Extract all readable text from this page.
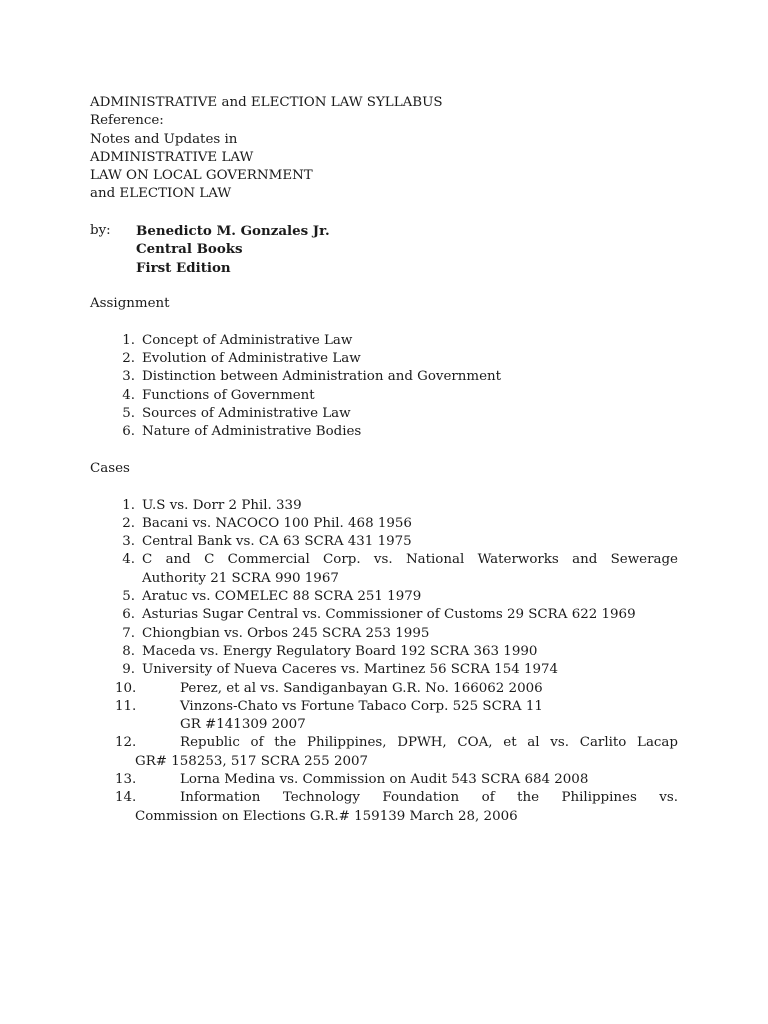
ADMINISTRATIVE and ELECTION LAW SYLLABUS
Reference:
Notes and Updates in
ADMINISTRATIVE LAW
LAW ON LOCAL GOVERNMENT
and ELECTION LAW
by:	Benedicto M. Gonzales Jr.
Central Books
First Edition
Assignment
1. Concept of Administrative Law
2. Evolution of Administrative Law
3. Distinction between Administration and Government
4. Functions of Government
5. Sources of Administrative Law
6. Nature of Administrative Bodies
Cases
1. U.S vs. Dorr 2 Phil. 339
2. Bacani vs. NACOCO 100 Phil. 468 1956
3. Central Bank vs. CA 63 SCRA 431 1975
4. C and C Commercial Corp. vs. National Waterworks and Sewerage
Authority 21 SCRA 990 1967
5. Aratuc vs. COMELEC 88 SCRA 251 1979
6. Asturias Sugar Central vs. Commissioner of Customs 29 SCRA 622 1969
7. Chiongbian vs. Orbos 245 SCRA 253 1995
8. Maceda vs. Energy Regulatory Board 192 SCRA 363 1990
9. University of Nueva Caceres vs. Martinez 56 SCRA 154 1974
10.	Perez, et al vs. Sandiganbayan G.R. No. 166062 2006
11.	Vinzons-Chato vs Fortune Tabaco Corp. 525 SCRA 11
GR #141309 2007
12.	Republic of the Philippines, DPWH, COA, et al vs. Carlito Lacap
GR# 158253, 517 SCRA 255 2007
13.	Lorna Medina vs. Commission on Audit 543 SCRA 684 2008
14.	Information Technology Foundation of the Philippines vs.
Commission on Elections G.R.# 159139 March 28, 2006
